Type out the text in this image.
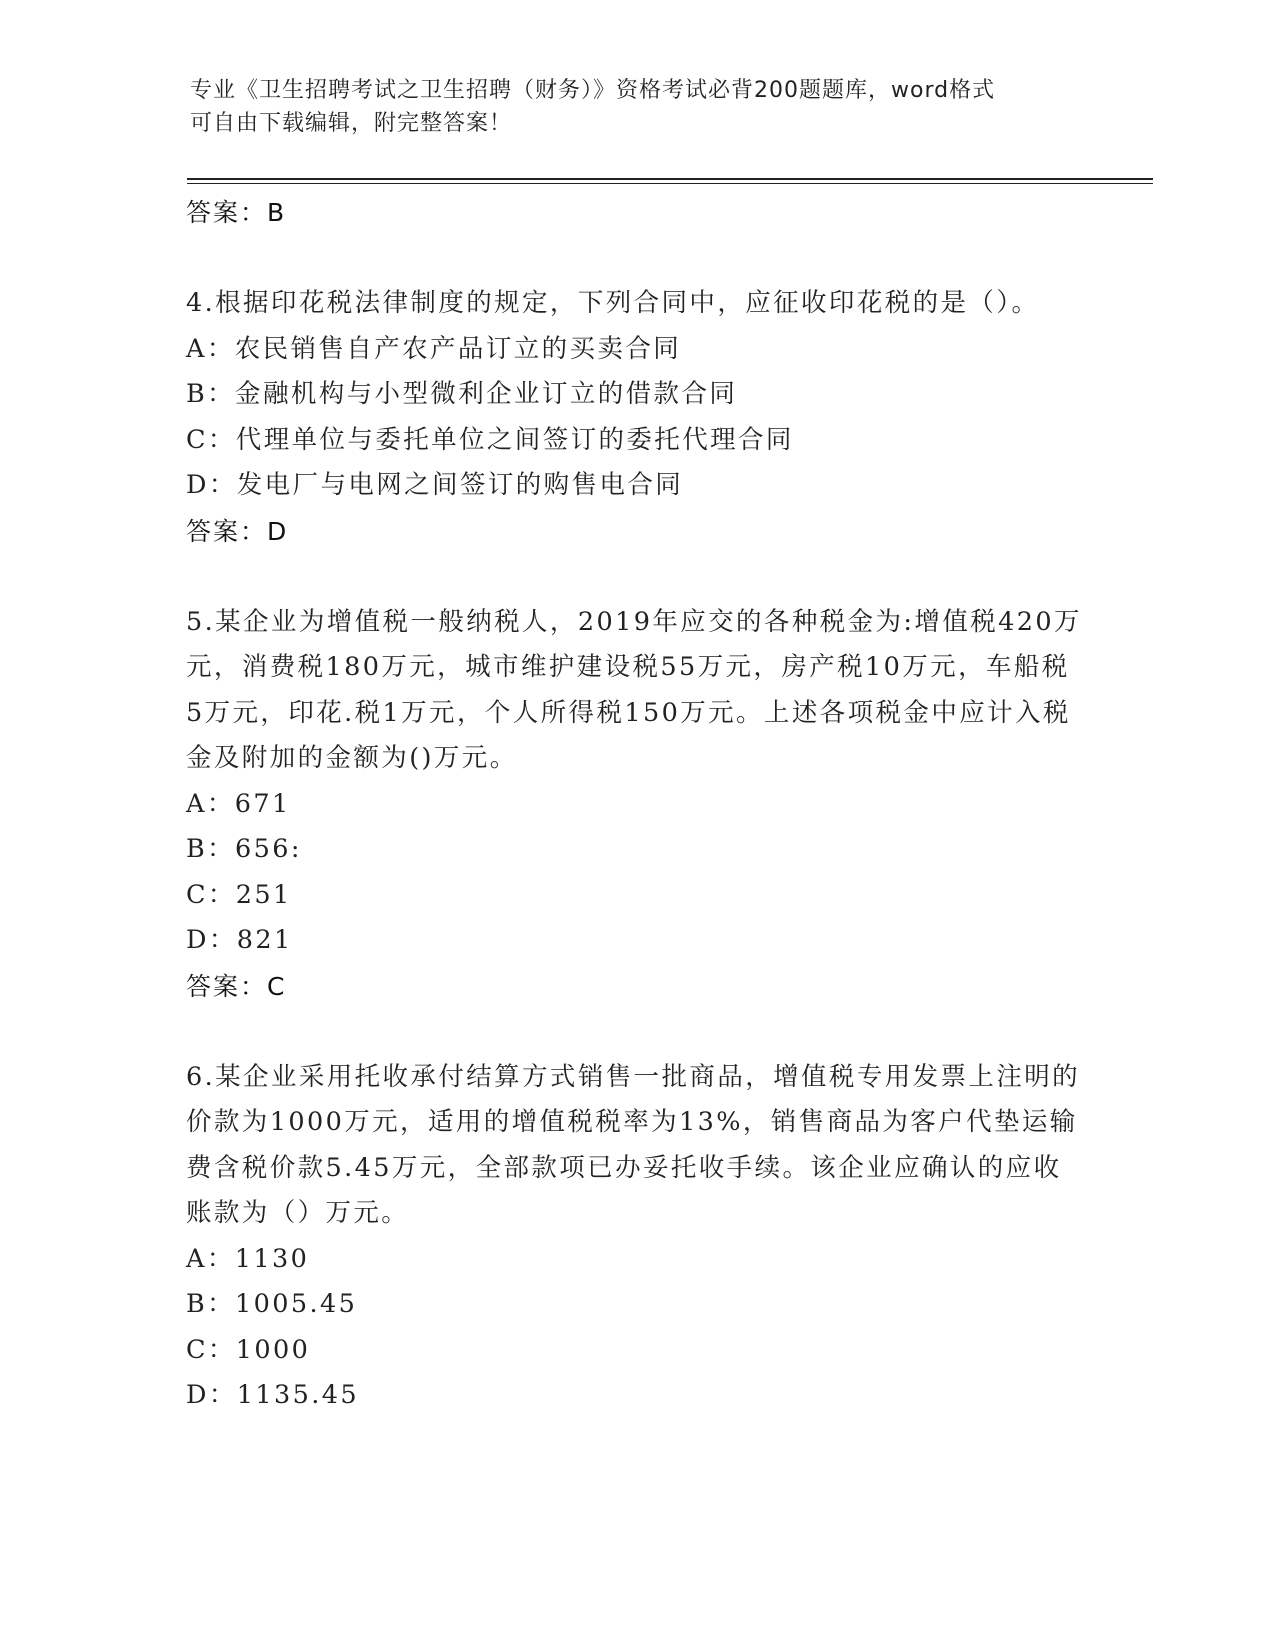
专业《卫生招聘考试之卫生招聘（财务）》资格考试必背200题题库，word格式
可自由下载编辑，附完整答案！
答案：B
4.根据印花税法律制度的规定，下列合同中，应征收印花税的是（）。
A：农民销售自产农产品订立的买卖合同
B：金融机构与小型微利企业订立的借款合同
C：代理单位与委托单位之间签订的委托代理合同
D：发电厂与电网之间签订的购售电合同
答案：D
5.某企业为增值税一般纳税人，2019年应交的各种税金为:增值税420万元，消费税180万元，城市维护建设税55万元，房产税10万元，车船税5万元，印花.税1万元，个人所得税150万元。上述各项税金中应计入税金及附加的金额为()万元。
A：671
B：656:
C：251
D：821
答案：C
6.某企业采用托收承付结算方式销售一批商品，增值税专用发票上注明的价款为1000万元，适用的增值税税率为13%，销售商品为客户代垫运输费含税价款5.45万元，全部款项已办妥托收手续。该企业应确认的应收账款为（）万元。
A：1130
B：1005.45
C：1000
D：1135.45
